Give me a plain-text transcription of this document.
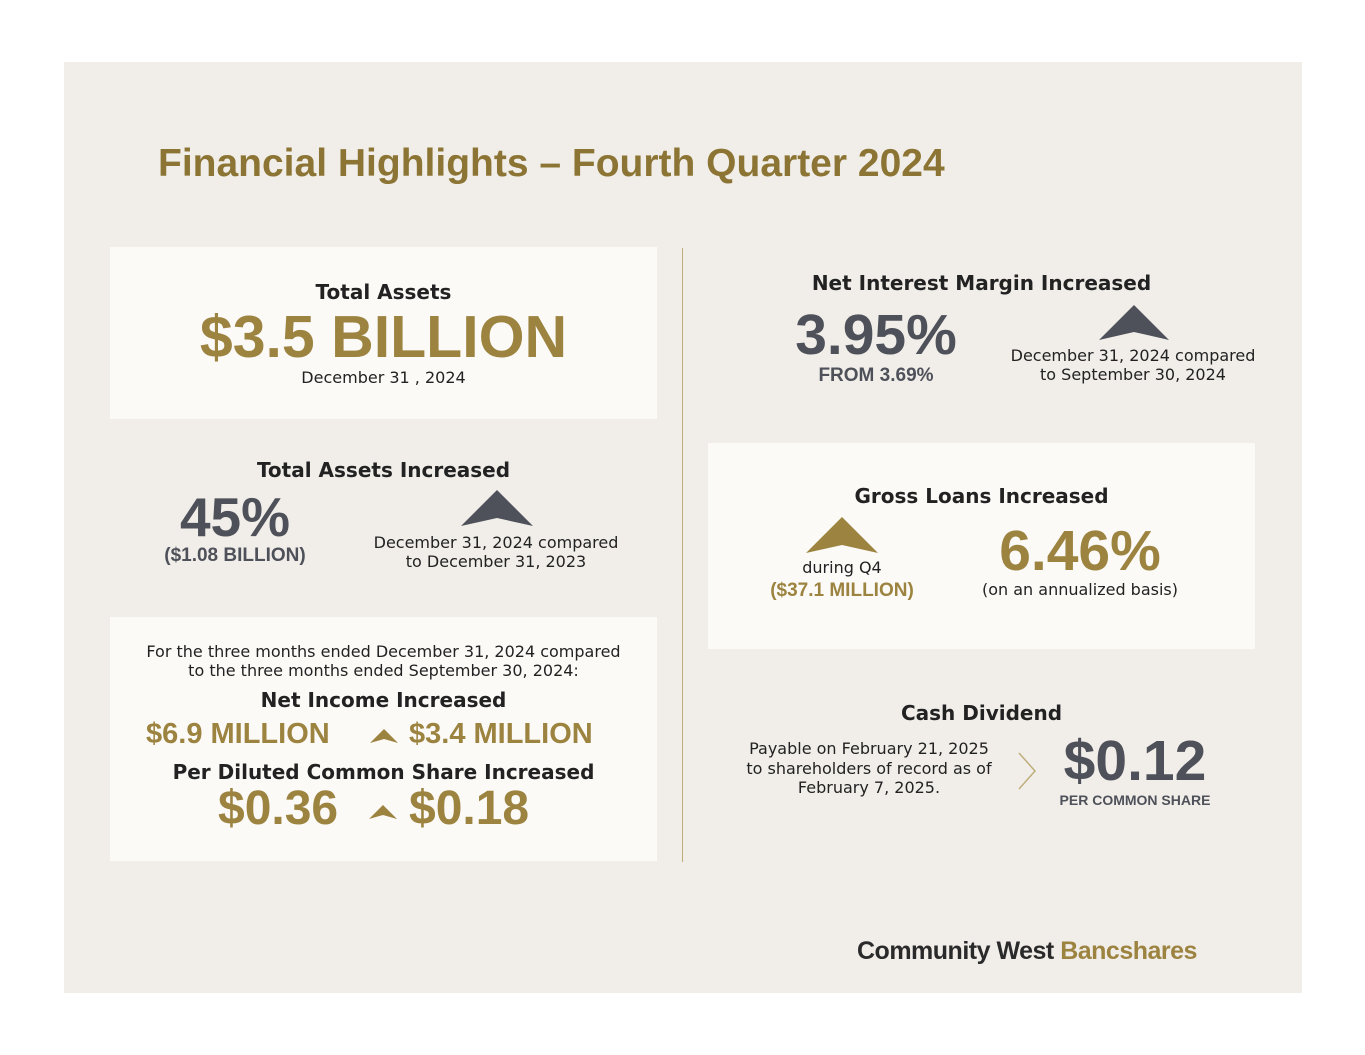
Financial Highlights – Fourth Quarter 2024
Total Assets
$3.5 BILLION
December 31 , 2024
Total Assets Increased
45%
($1.08 BILLION)
December 31, 2024 compared
to December 31, 2023
For the three months ended December 31, 2024 compared
to the three months ended September 30, 2024:
Net Income Increased
$6.9 MILLION	$3.4 MILLION
Per Diluted Common Share Increased
$0.36 $0.18
Net Interest Margin Increased
3.95%
FROM 3.69%
December 31, 2024 compared
to September 30, 2024
Gross Loans Increased
during Q4
($37.1 MILLION)
6.46%
(on an annualized basis)
Cash Dividend
Payable on February 21, 2025
to shareholders of record as of
February 7, 2025.	$0.12
PER COMMON SHARE
Community West Bancshares
